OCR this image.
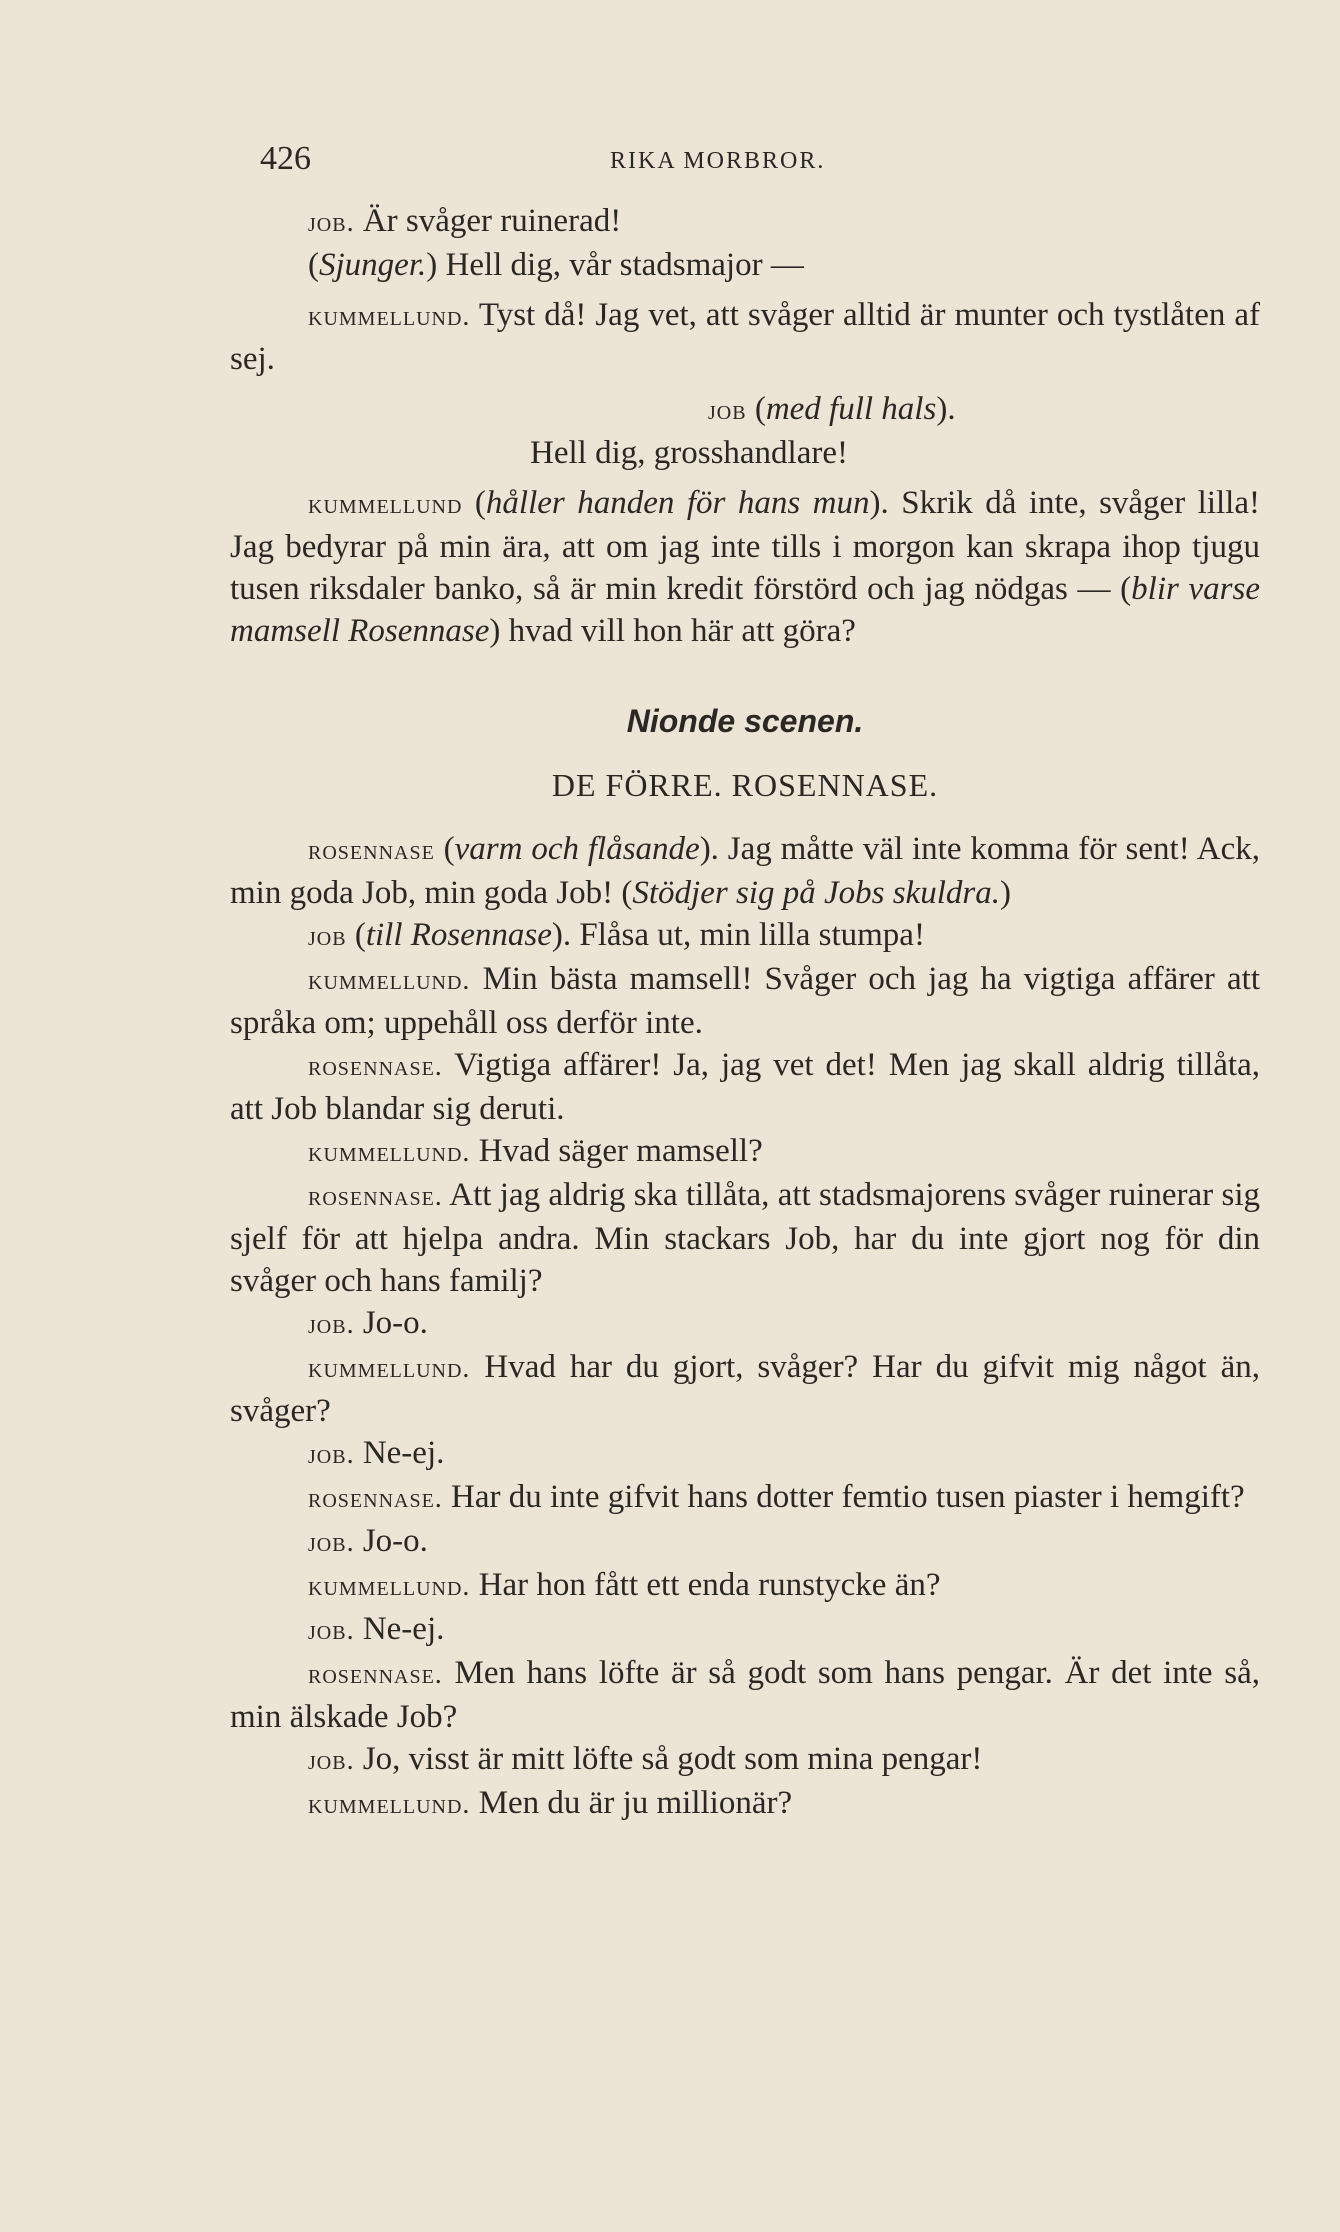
426	RIKA MORBROR.

job. Är svåger ruinerad!

(Sjunger.) Hell dig, vår stadsmajor —

kummellund. Tyst då! Jag vet, att svåger alltid är munter och tystlåten af sej.

job (med full hals).

Hell dig, grosshandlare!

kummellund (håller handen för hans mun). Skrik då inte, svåger lilla! Jag bedyrar på min ära, att om jag inte tills i morgon kan skrapa ihop tjugu tusen riksdaler banko, så är min kredit förstörd och jag nödgas — (blir varse mamsell Rosennase) hvad vill hon här att göra?

Nionde scenen.

DE FÖRRE. ROSENNASE.

rosennase (varm och flåsande). Jag måtte väl inte komma för sent! Ack, min goda Job, min goda Job! (Stödjer sig på Jobs skuldra.)

job (till Rosennase). Flåsa ut, min lilla stumpa!

kummellund. Min bästa mamsell! Svåger och jag ha vigtiga affärer att språka om; uppehåll oss derför inte.

rosennase. Vigtiga affärer! Ja, jag vet det! Men jag skall aldrig tillåta, att Job blandar sig deruti.

kummellund. Hvad säger mamsell?

rosennase. Att jag aldrig ska tillåta, att stadsmajorens svåger ruinerar sig sjelf för att hjelpa andra. Min stackars Job, har du inte gjort nog för din svåger och hans familj?

job. Jo-o.

kummellund. Hvad har du gjort, svåger? Har du gifvit mig något än, svåger?

job. Ne-ej.

rosennase. Har du inte gifvit hans dotter femtio tusen piaster i hemgift?

job. Jo-o.

kummellund. Har hon fått ett enda runstycke än?

job. Ne-ej.

rosennase. Men hans löfte är så godt som hans pengar. Är det inte så, min älskade Job?

job. Jo, visst är mitt löfte så godt som mina pengar!

kummellund. Men du är ju millionär?
